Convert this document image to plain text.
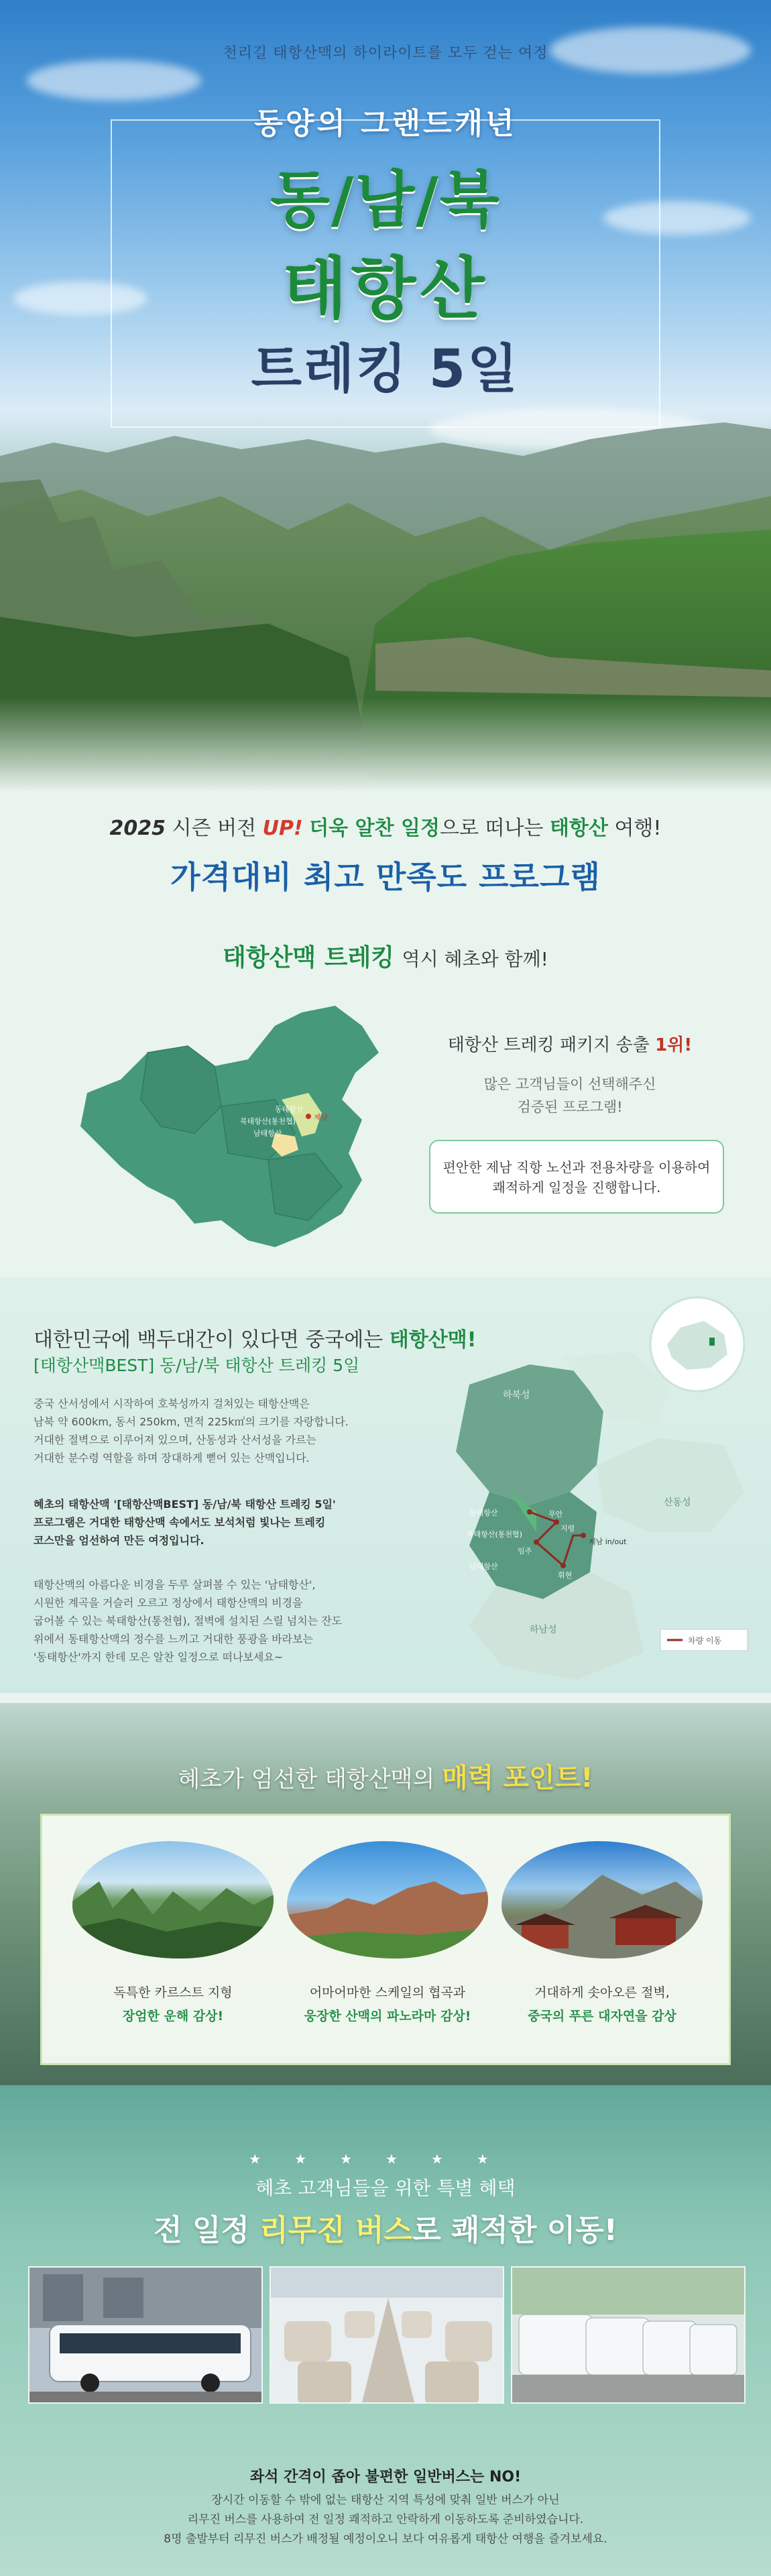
천리길 태항산맥의 하이라이트를 모두 걷는 여정
동양의 그랜드캐년
동/남/북
태항산
트레킹 5일
2025 시즌 버전 UP! 더욱 알찬 일정으로 떠나는 태항산 여행!
가격대비 최고 만족도 프로그램
태항산맥 트레킹 역시 혜초와 함께!
동태항산
북태항산(통천협)
남태항산
제남
태항산 트레킹 패키지 송출 1위!
많은 고객님들이 선택해주신
검증된 프로그램!
편안한 제남 직항 노선과 전용차량을 이용하여
쾌적하게 일정을 진행합니다.
대한민국에 백두대간이 있다면 중국에는 태항산맥!
[태항산맥BEST] 동/남/북 태항산 트레킹 5일
중국 산서성에서 시작하여 호북성까지 걸쳐있는 태항산맥은
남북 약 600km, 동서 250km, 면적 225k㎡의 크기를 자랑합니다.
거대한 절벽으로 이루어져 있으며, 산동성과 산서성을 가르는
거대한 분수령 역할을 하며 장대하게 뻗어 있는 산맥입니다.
혜초의 태항산맥 '[태항산맥BEST] 동/남/북 태항산 트레킹 5일'
프로그램은 거대한 태항산맥 속에서도 보석처럼 빛나는 트레킹
코스만을 엄선하여 만든 여정입니다.
태항산맥의 아름다운 비경을 두루 살펴볼 수 있는 '남태항산',
시원한 계곡을 거슬러 오르고 정상에서 태항산맥의 비경을
굽어볼 수 있는 북태항산(통천협), 절벽에 설치된 스릴 넘치는 잔도
위에서 동태항산맥의 정수를 느끼고 거대한 풍광을 바라보는
'동태항산'까지 한데 모은 알찬 일정으로 떠나보세요~
하북성
산동성
하남성
동태항산
북태항산(통천협)
남태항산
무안
지령
임주
휘현
제남 in/out
차량 이동
혜초가 엄선한 태항산맥의 매력 포인트!
독특한 카르스트 지형
장엄한 운해 감상!
어마어마한 스케일의 협곡과
웅장한 산맥의 파노라마 감상!
거대하게 솟아오른 절벽,
중국의 푸른 대자연을 감상
★★★★★★
혜초 고객님들을 위한 특별 혜택
전 일정 리무진 버스로 쾌적한 이동!
좌석 간격이 좁아 불편한 일반버스는 NO!
장시간 이동할 수 밖에 없는 태항산 지역 특성에 맞춰 일반 버스가 아닌
리무진 버스를 사용하여 전 일정 쾌적하고 안락하게 이동하도록 준비하였습니다.
8명 출발부터 리무진 버스가 배정될 예정이오니 보다 여유롭게 태항산 여행을 즐겨보세요.
